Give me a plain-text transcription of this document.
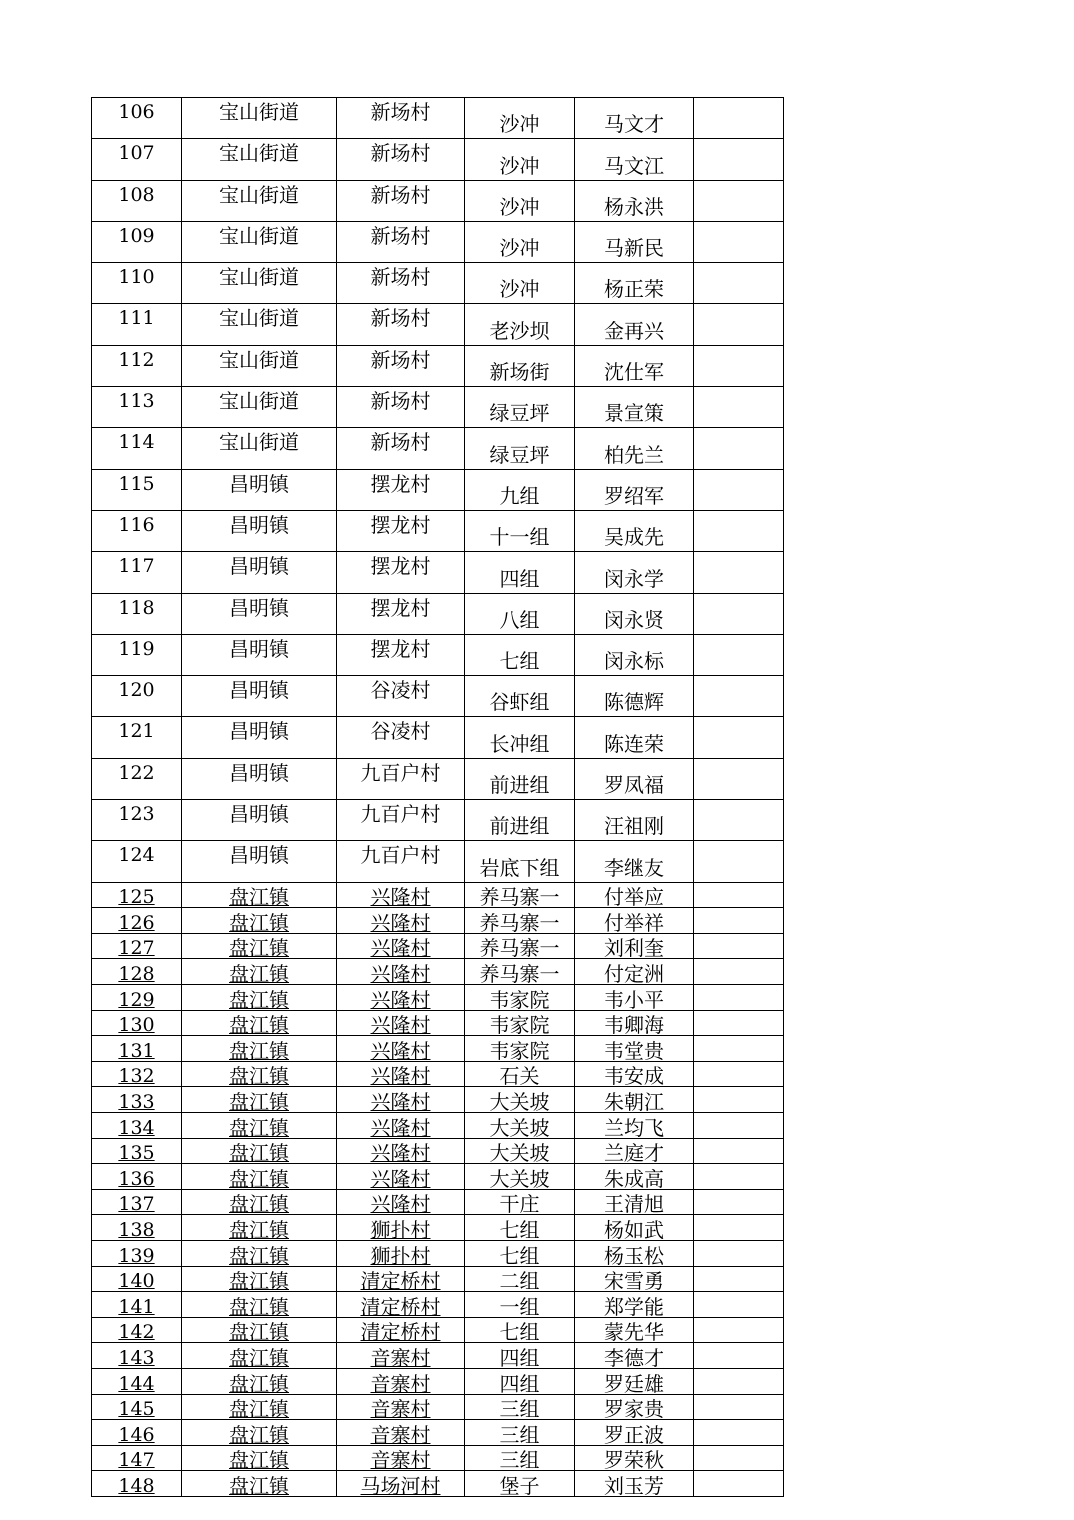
106	宝山街道	新场村	沙冲	马文才	
107	宝山街道	新场村	沙冲	马文江	
108	宝山街道	新场村	沙冲	杨永洪	
109	宝山街道	新场村	沙冲	马新民	
110	宝山街道	新场村	沙冲	杨正荣	
111	宝山街道	新场村	老沙坝	金再兴	
112	宝山街道	新场村	新场街	沈仕军	
113	宝山街道	新场村	绿豆坪	景宣策	
114	宝山街道	新场村	绿豆坪	柏先兰	
115	昌明镇	摆龙村	九组	罗绍军	
116	昌明镇	摆龙村	十一组	吴成先	
117	昌明镇	摆龙村	四组	闵永学	
118	昌明镇	摆龙村	八组	闵永贤	
119	昌明镇	摆龙村	七组	闵永标	
120	昌明镇	谷凌村	谷虾组	陈德辉	
121	昌明镇	谷凌村	长冲组	陈连荣	
122	昌明镇	九百户村	前进组	罗凤福	
123	昌明镇	九百户村	前进组	汪祖刚	
124	昌明镇	九百户村	岩底下组	李继友	
125	盘江镇	兴隆村	养马寨一	付举应	
126	盘江镇	兴隆村	养马寨一	付举祥	
127	盘江镇	兴隆村	养马寨一	刘利奎	
128	盘江镇	兴隆村	养马寨一	付定洲	
129	盘江镇	兴隆村	韦家院	韦小平	
130	盘江镇	兴隆村	韦家院	韦卿海	
131	盘江镇	兴隆村	韦家院	韦堂贵	
132	盘江镇	兴隆村	石关	韦安成	
133	盘江镇	兴隆村	大关坡	朱朝江	
134	盘江镇	兴隆村	大关坡	兰均飞	
135	盘江镇	兴隆村	大关坡	兰庭才	
136	盘江镇	兴隆村	大关坡	朱成高	
137	盘江镇	兴隆村	干庄	王清旭	
138	盘江镇	狮扑村	七组	杨如武	
139	盘江镇	狮扑村	七组	杨玉松	
140	盘江镇	清定桥村	二组	宋雪勇	
141	盘江镇	清定桥村	一组	郑学能	
142	盘江镇	清定桥村	七组	蒙先华	
143	盘江镇	音寨村	四组	李德才	
144	盘江镇	音寨村	四组	罗廷雄	
145	盘江镇	音寨村	三组	罗家贵	
146	盘江镇	音寨村	三组	罗正波	
147	盘江镇	音寨村	三组	罗荣秋	
148	盘江镇	马场河村	堡子	刘玉芳	
